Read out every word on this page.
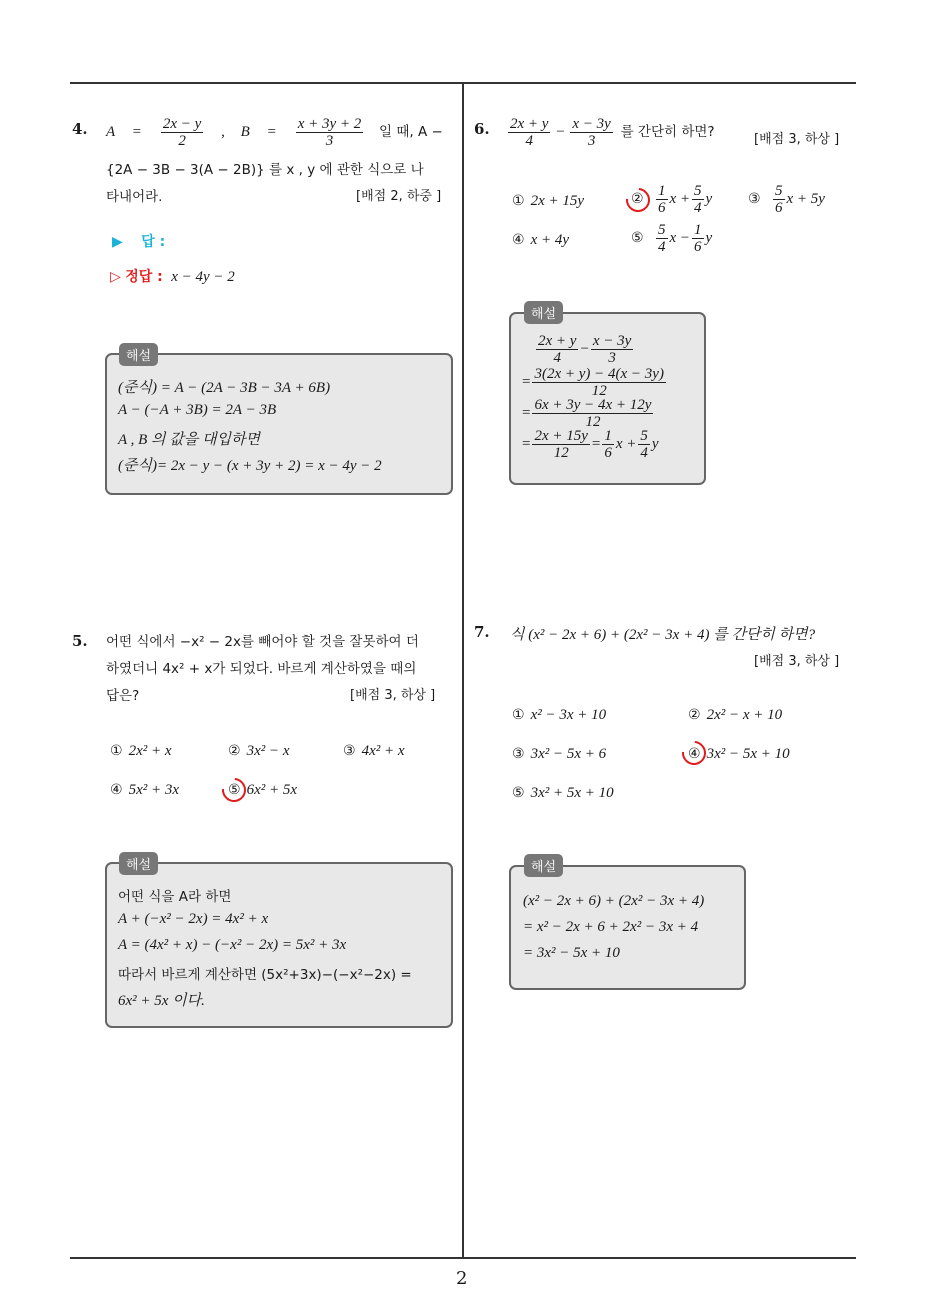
2
4. $A = \frac{2x - y}{2}$ , $B = \frac{x + 3y + 2}{3}$ 일 때, A −
{2A − 3B − 3(A − 2B)} 를 x , y 에 관한 식으로 나
타내어라.	[배점 2, 하중 ]
▶ 답 :
▷ 정답 : x − 4y − 2
해설
(준식) = A − (2A − 3B − 3A + 6B)
A − (−A + 3B) = 2A − 3B
A , B 의 값을 대입하면
(준식)= 2x − y − (x + 3y + 2) = x − 4y − 2
5. 어떤 식에서 −x² − 2x를 빼어야 할 것을 잘못하여 더
하였더니 4x² + x가 되었다. 바르게 계산하였을 때의
답은?	[배점 3, 하상 ]
① 2x² + x	② 3x² − x	③ 4x² + x
④ 5x² + 3x	⑤ 6x² + 5x
해설
어떤 식을 A라 하면
A + (−x² − 2x) = 4x² + x
A = (4x² + x) − (−x² − 2x) = 5x² + 3x
따라서 바르게 계산하면 (5x²+3x)−(−x²−2x) =
6x² + 5x 이다.
6. $\frac{2x + y}{4} - \frac{x - 3y}{3}$ 를 간단히 하면?	[배점 3, 하상 ]
① 2x + 15y	② $\frac{1}{6}$ $x + \frac{5}{4}$ y	③ $\frac{5}{6}$ x + 5y
④ x + 4y	⑤ $\frac{5}{4}$ $x - \frac{1}{6}$ y
해설
$\frac{2x + y}{4} - \frac{x - 3y}{3}$
= $\frac{3(2x + y) - 4(x - 3y)}{12}$
= $\frac{6x + 3y - 4x + 12y}{12}$
= $\frac{2x + 15y}{12} = \frac{1}{6}$ $x + \frac{5}{4}$ y
7. 식 (x² − 2x + 6) + (2x² − 3x + 4) 를 간단히 하면?
[배점 3, 하상 ]
① x² − 3x + 10	② 2x² − x + 10
③ 3x² − 5x + 6	④ 3x² − 5x + 10
⑤ 3x² + 5x + 10
해설
(x² − 2x + 6) + (2x² − 3x + 4)
= x² − 2x + 6 + 2x² − 3x + 4
= 3x² − 5x + 10
